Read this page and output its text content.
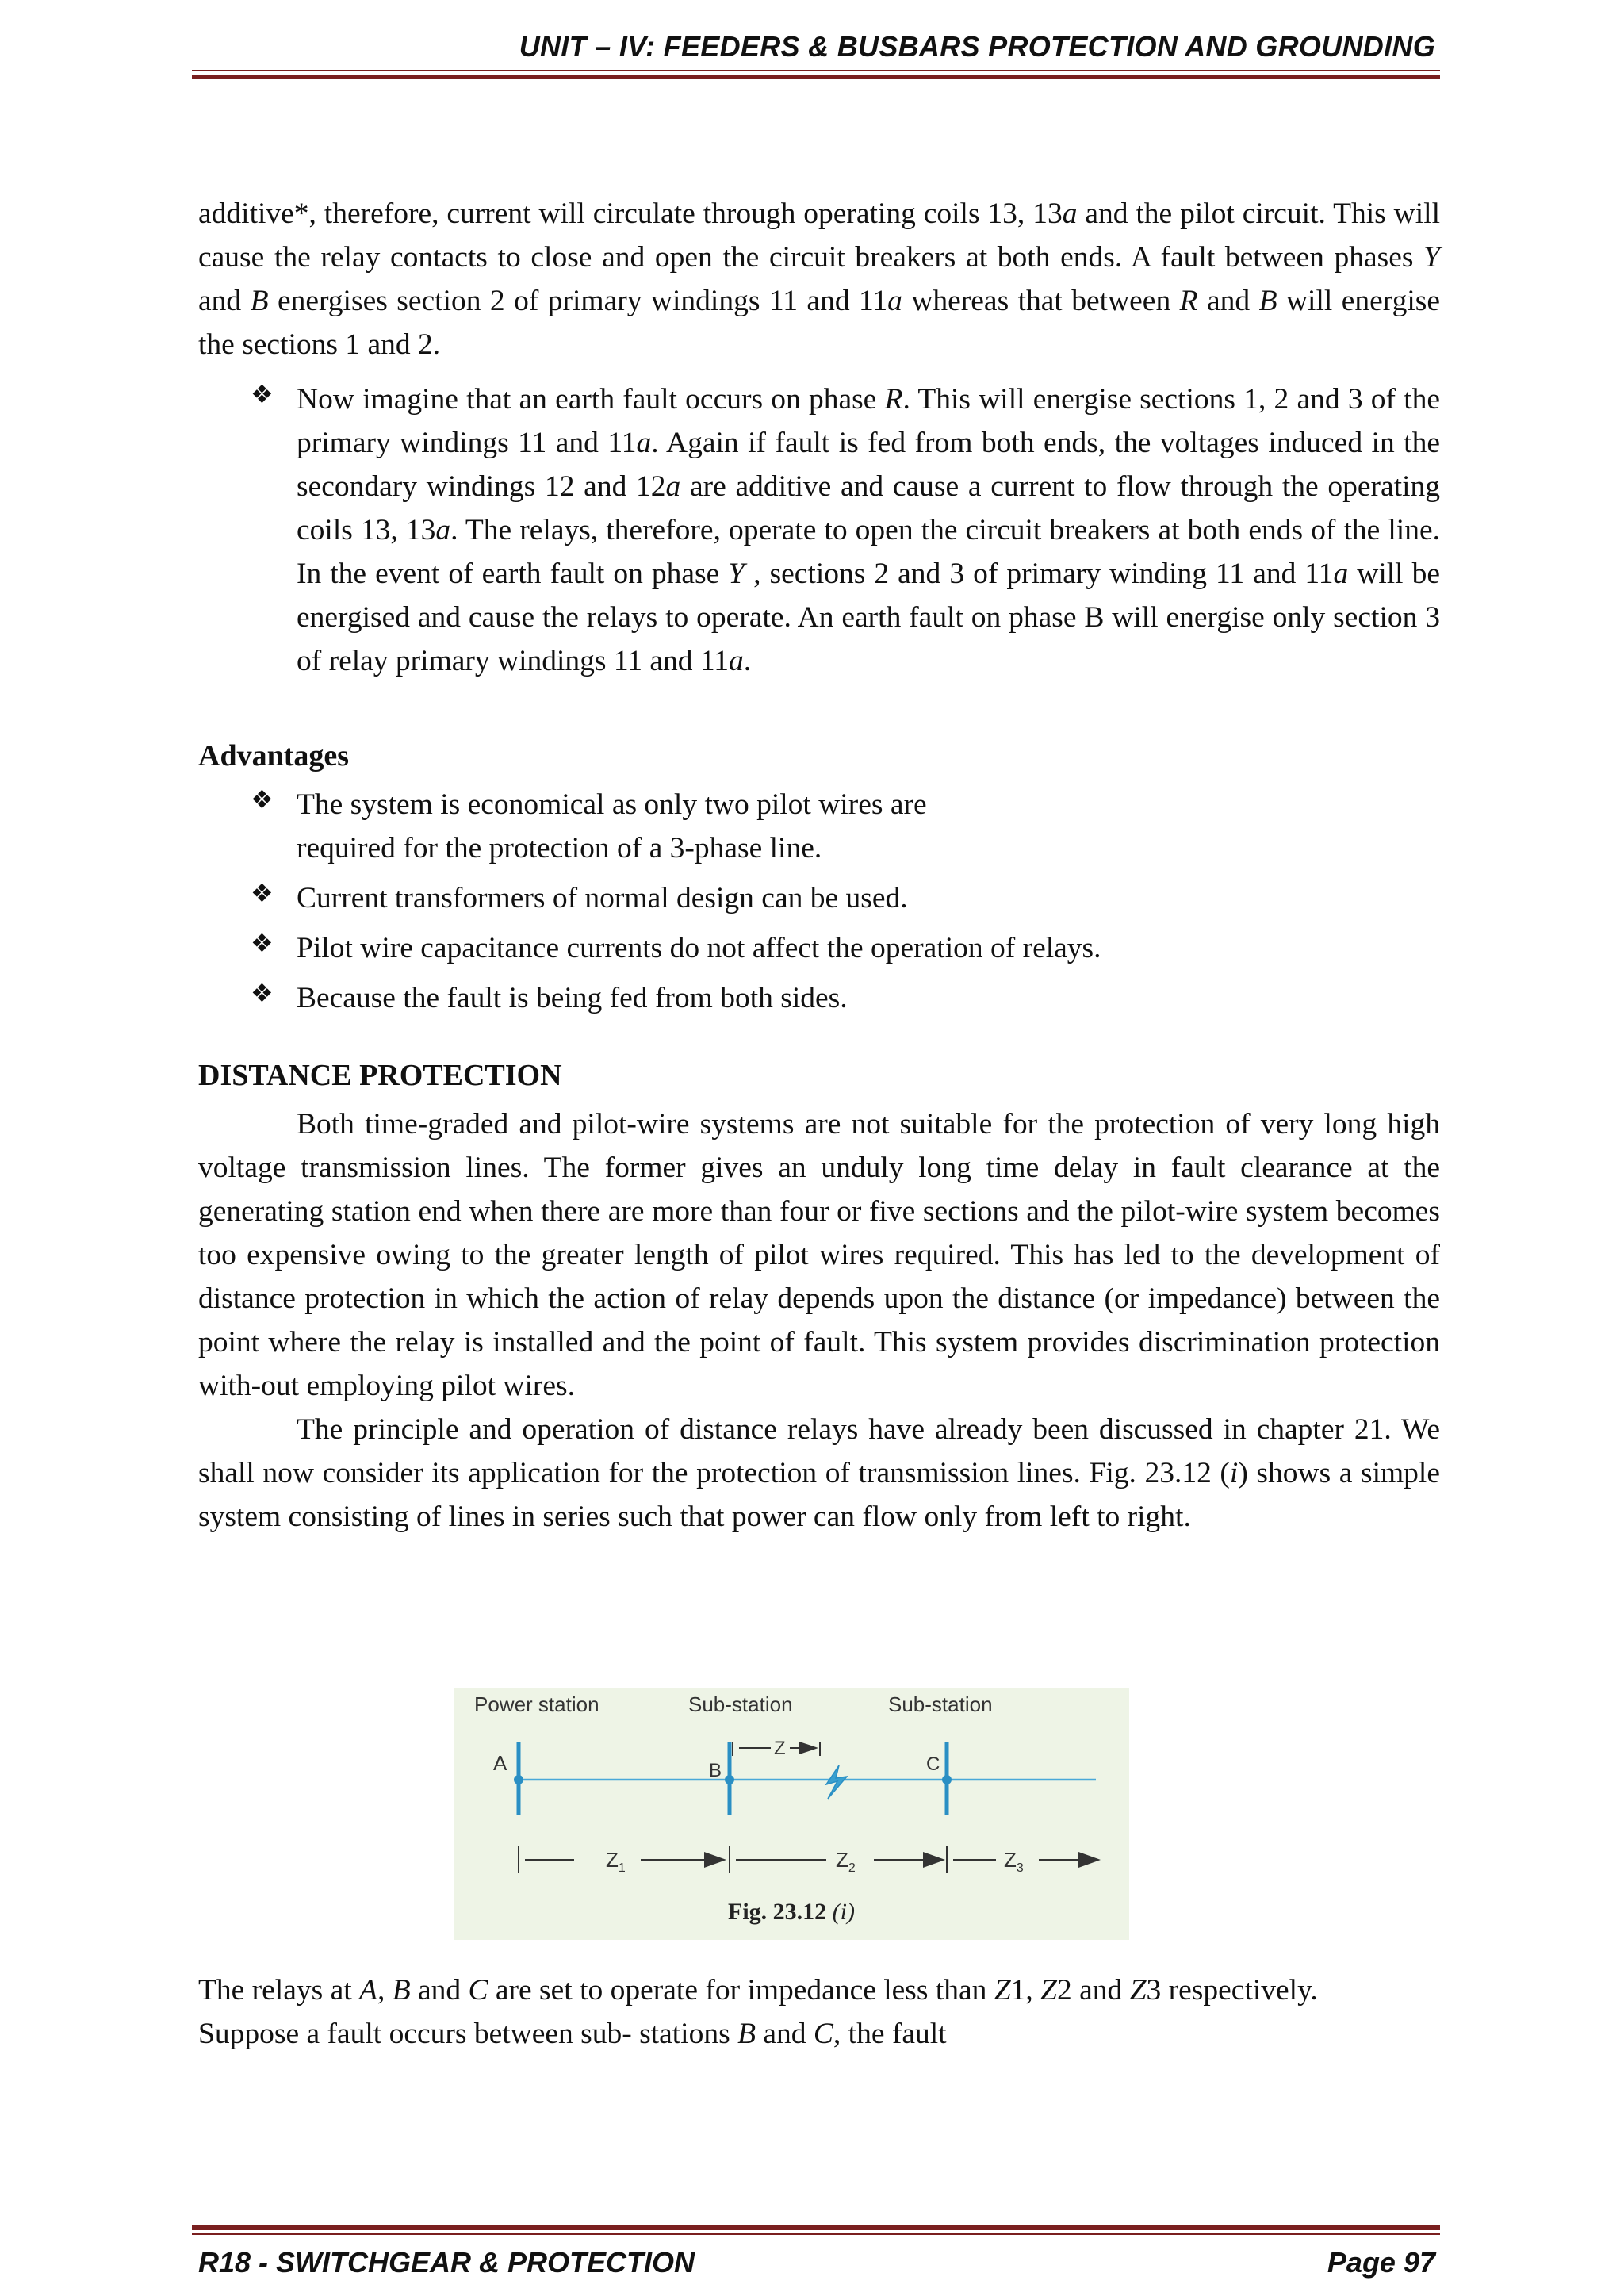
UNIT – IV: FEEDERS & BUSBARS PROTECTION AND GROUNDING

additive*, therefore, current will circulate through operating coils 13, 13a and the pilot circuit. This will cause the relay contacts to close and open the circuit breakers at both ends. A fault between phases Y and B energises section 2 of primary windings 11 and 11a whereas that between R and B will energise the sections 1 and 2.

❖ Now imagine that an earth fault occurs on phase R. This will energise sections 1, 2 and 3 of the primary windings 11 and 11a. Again if fault is fed from both ends, the voltages induced in the secondary windings 12 and 12a are additive and cause a current to flow through the operating coils 13, 13a. The relays, therefore, operate to open the circuit breakers at both ends of the line. In the event of earth fault on phase Y , sections 2 and 3 of primary winding 11 and 11a will be energised and cause the relays to operate. An earth fault on phase B will energise only section 3 of relay primary windings 11 and 11a.

Advantages

❖ The system is economical as only two pilot wires are
required for the protection of a 3-phase line.

❖ Current transformers of normal design can be used.

❖ Pilot wire capacitance currents do not affect the operation of relays.

❖ Because the fault is being fed from both sides.

DISTANCE PROTECTION

Both time-graded and pilot-wire systems are not suitable for the protection of very long high voltage transmission lines. The former gives an unduly long time delay in fault clearance at the generating station end when there are more than four or five sections and the pilot-wire system becomes too expensive owing to the greater length of pilot wires required. This has led to the development of distance protection in which the action of relay depends upon the distance (or impedance) between the point where the relay is installed and the point of fault. This system provides discrimination protection with-out employing pilot wires.

The principle and operation of distance relays have already been discussed in chapter 21. We shall now consider its application for the protection of transmission lines. Fig. 23.12 (i) shows a simple system consisting of lines in series such that power can flow only from left to right.

Power station	Sub-station	Sub-station
A	B	C
Z
$Z_1$	$Z_2$	$Z_3$
Fig. 23.12 (i)

The relays at A, B and C are set to operate for impedance less than Z1, Z2 and Z3 respectively.
Suppose a fault occurs between sub- stations B and C, the fault

R18 - SWITCHGEAR & PROTECTION	Page 97
